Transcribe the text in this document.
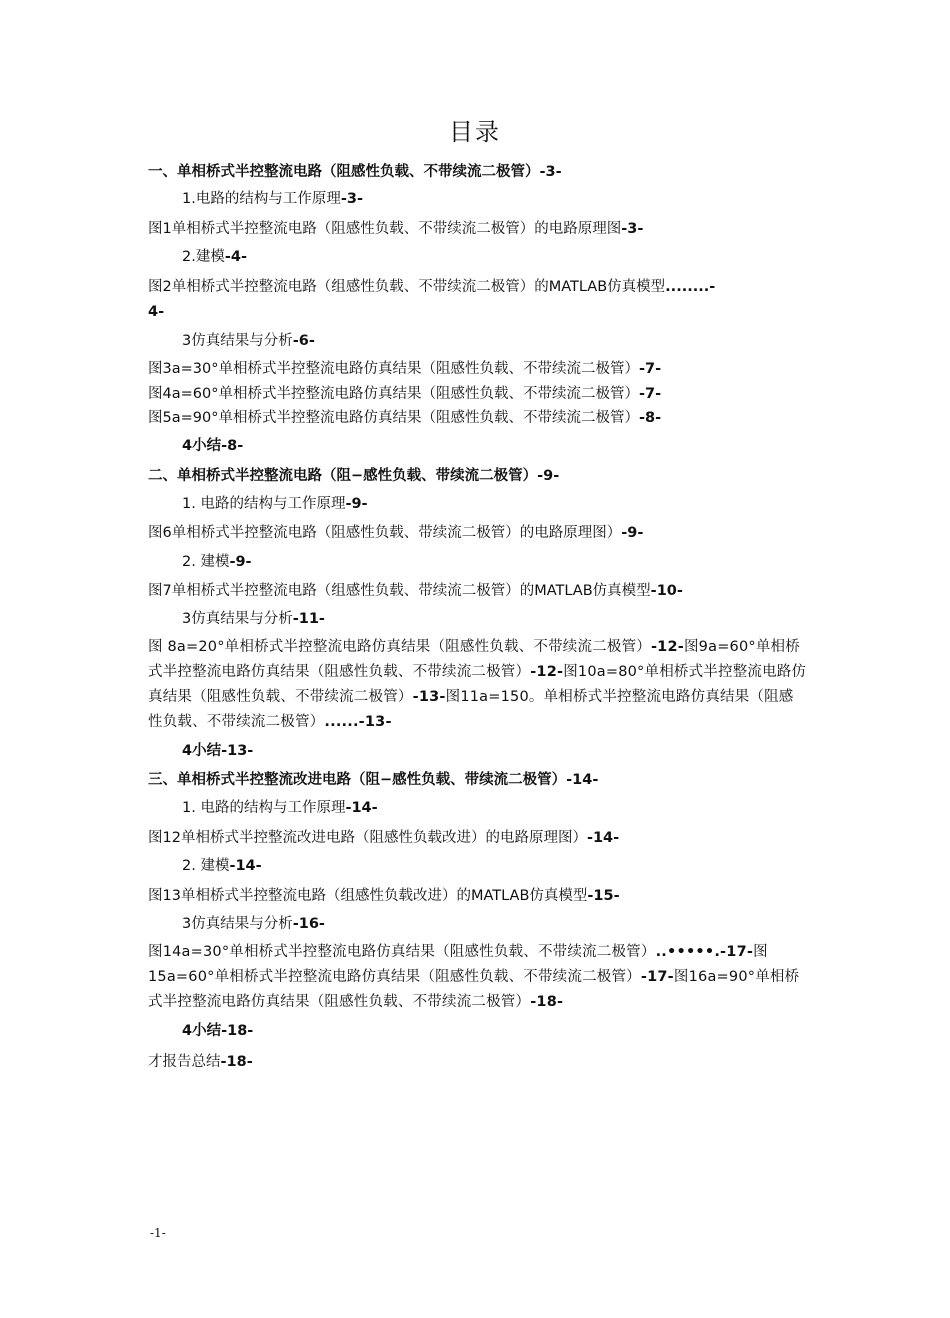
目录
一、单相桥式半控整流电路（阻感性负载、不带续流二极管）-3-
1.电路的结构与工作原理-3-
图1单相桥式半控整流电路（阻感性负载、不带续流二极管）的电路原理图-3-
2.建模-4-
图2单相桥式半控整流电路（组感性负载、不带续流二极管）的MATLAB仿真模型........-
4-
3仿真结果与分析-6-
图3a=30°单相桥式半控整流电路仿真结果（阻感性负载、不带续流二极管）-7-
图4a=60°单相桥式半控整流电路仿真结果（阻感性负载、不带续流二极管）-7-
图5a=90°单相桥式半控整流电路仿真结果（阻感性负载、不带续流二极管）-8-
4小结-8-
二、单相桥式半控整流电路（阻−感性负载、带续流二极管）-9-
1. 电路的结构与工作原理-9-
图6单相桥式半控整流电路（阻感性负载、带续流二极管）的电路原理图）-9-
2. 建模-9-
图7单相桥式半控整流电路（组感性负载、带续流二极管）的MATLAB仿真模型-10-
3仿真结果与分析-11-
图 8a=20°单相桥式半控整流电路仿真结果（阻感性负载、不带续流二极管）-12-图9a=60°单相桥式半控整流电路仿真结果（阻感性负载、不带续流二极管）-12-图10a=80°单相桥式半控整流电路仿真结果（阻感性负载、不带续流二极管）-13-图11a=150。单相桥式半控整流电路仿真结果（阻感性负载、不带续流二极管）......-13-
4小结-13-
三、单相桥式半控整流改进电路（阻−感性负载、带续流二极管）-14-
1. 电路的结构与工作原理-14-
图12单相桥式半控整流改进电路（阻感性负载改进）的电路原理图）-14-
2. 建模-14-
图13单相桥式半控整流电路（组感性负载改进）的MATLAB仿真模型-15-
3仿真结果与分析-16-
图14a=30°单相桥式半控整流电路仿真结果（阻感性负载、不带续流二极管）..•••••.-17-图15a=60°单相桥式半控整流电路仿真结果（阻感性负载、不带续流二极管）-17-图16a=90°单相桥式半控整流电路仿真结果（阻感性负载、不带续流二极管）-18-
4小结-18-
才报告总结-18-
-1-
